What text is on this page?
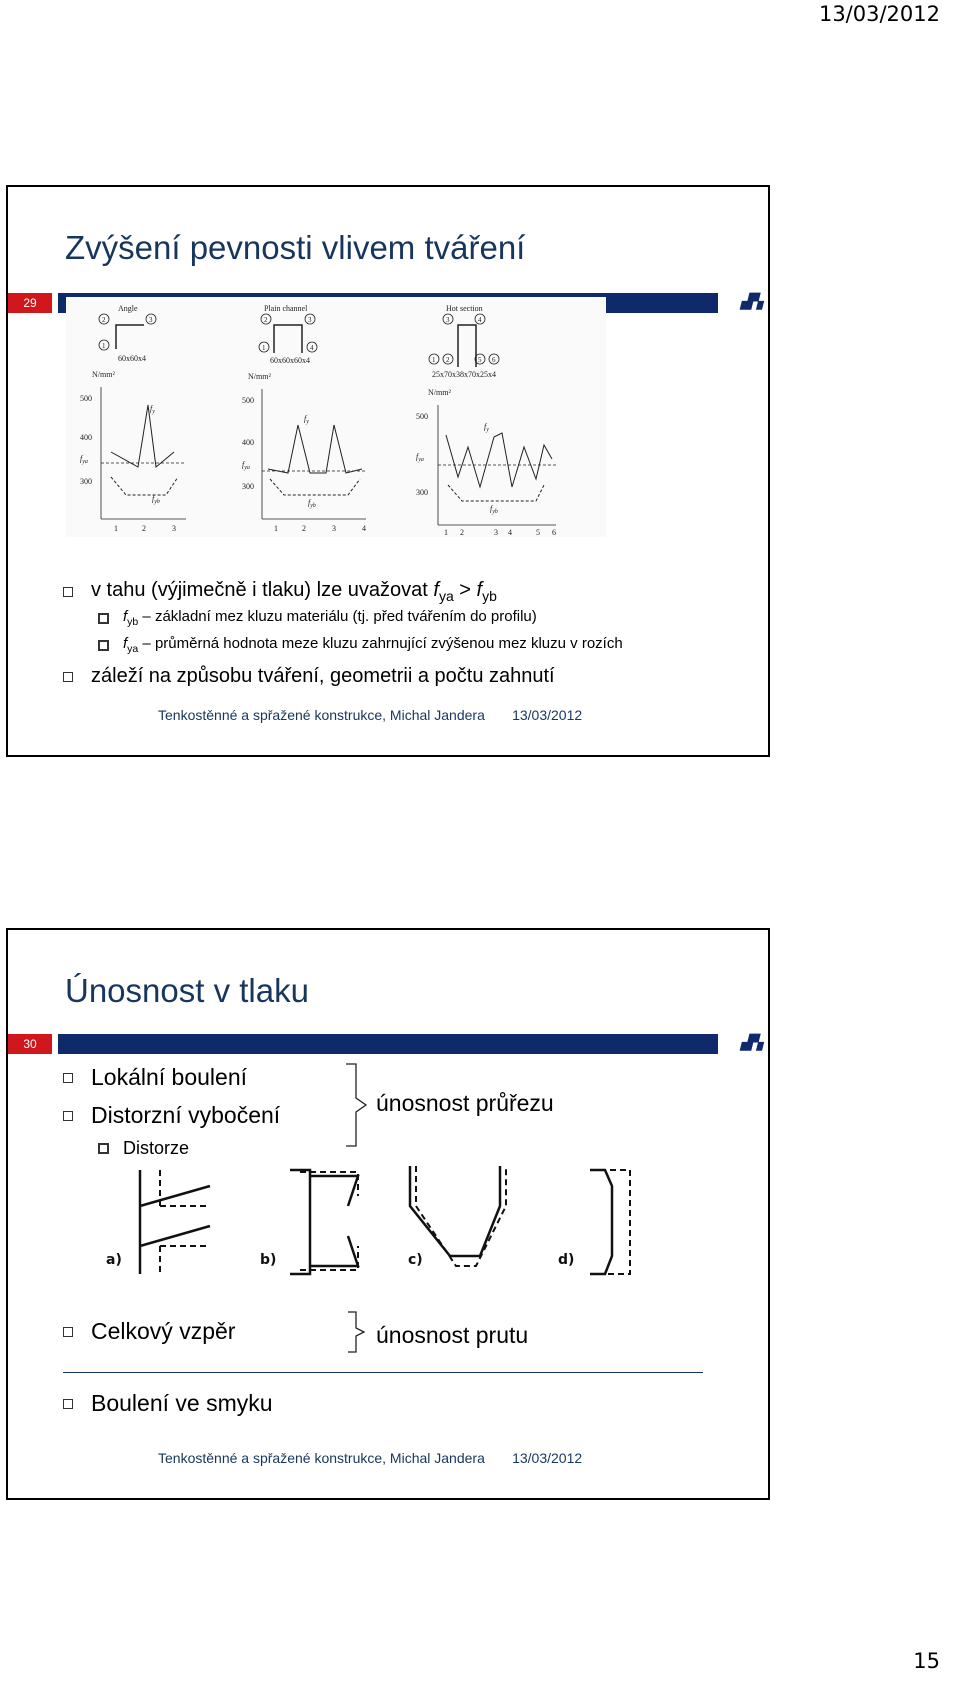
13/03/2012
Zvýšení pevnosti vlivem tváření
29	▟▚
Angle
2	3
1
60x60x4
N/mm²
500
400
300
$f_{ya}$
$f_y$
$f_{yb}$
1	2	3
Plain channel
2	3
1	4
60x60x60x4
N/mm²
500
400
300
$f_{ya}$
$f_y$
$f_{yb}$
1	2	3	4
Hot section
3	4
1 2	5 6
25x70x38x70x25x4
N/mm²
500
300
$f_{ya}$
$f_y$
$f_{yb}$
1 2	3 4	5 6
v tahu (výjimečně i tlaku) lze uvažovat $f_{ya} > f_{yb}$
$f_{yb}$ – základní mez kluzu materiálu (tj. před tvářením do profilu)
$f_{ya}$ – průměrná hodnota meze kluzu zahrnující zvýšenou mez kluzu v rozích
záleží na způsobu tváření, geometrii a počtu zahnutí
Tenkostěnné a spřažené konstrukce, Michal Jandera       13/03/2012
Únosnost v tlaku
30	▟▚
Lokální boulení
Distorzní vybočení
Distorze
únosnost průřezu
a)	b)	c)	d)
Celkový vzpěr	únosnost prutu
Boulení ve smyku
Tenkostěnné a spřažené konstrukce, Michal Jandera       13/03/2012
15
